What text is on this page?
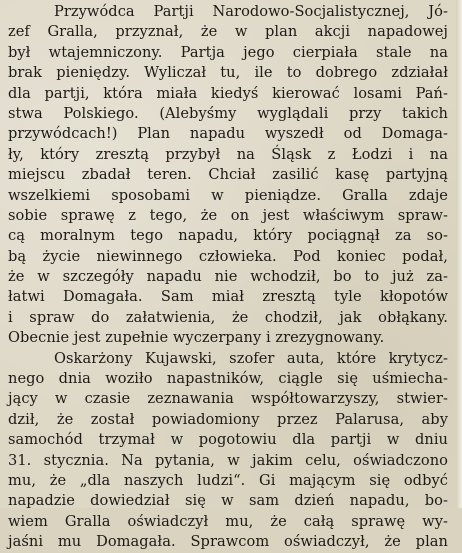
Przywódca Partji Narodowo-Socjalistycznej, Jó-
zef Gralla, przyznał, że w plan akcji napadowej
był wtajemniczony. Partja jego cierpiała stale na
brak pieniędzy. Wyliczał tu, ile to dobrego zdziałał
dla partji, która miała kiedyś kierować losami Pań-
stwa Polskiego. (Alebyśmy wyglądali przy takich
przywódcach!) Plan napadu wyszedł od Domaga-
ły, który zresztą przybył na Śląsk z Łodzi i na
miejscu zbadał teren. Chciał zasilić kasę partyjną
wszelkiemi sposobami w pieniądze. Gralla zdaje
sobie sprawę z tego, że on jest właściwym spraw-
cą moralnym tego napadu, który pociągnął za so-
bą życie niewinnego człowieka. Pod koniec podał,
że w szczegóły napadu nie wchodził, bo to już za-
łatwi Domagała. Sam miał zresztą tyle kłopotów
i spraw do załatwienia, że chodził, jak obłąkany.
Obecnie jest zupełnie wyczerpany i zrezygnowany.
Oskarżony Kujawski, szofer auta, które krytycz-
nego dnia woziło napastników, ciągle się uśmiecha-
jący w czasie zeznawania współtowarzyszy, stwier-
dził, że został powiadomiony przez Palarusa, aby
samochód trzymał w pogotowiu dla partji w dniu
31. stycznia. Na pytania, w jakim celu, oświadczono
mu, że „dla naszych ludzi“. Gi mającym się odbyć
napadzie dowiedział się w sam dzień napadu, bo-
wiem Gralla oświadczył mu, że całą sprawę wy-
jaśni mu Domagała. Sprawcom oświadczył, że plan
